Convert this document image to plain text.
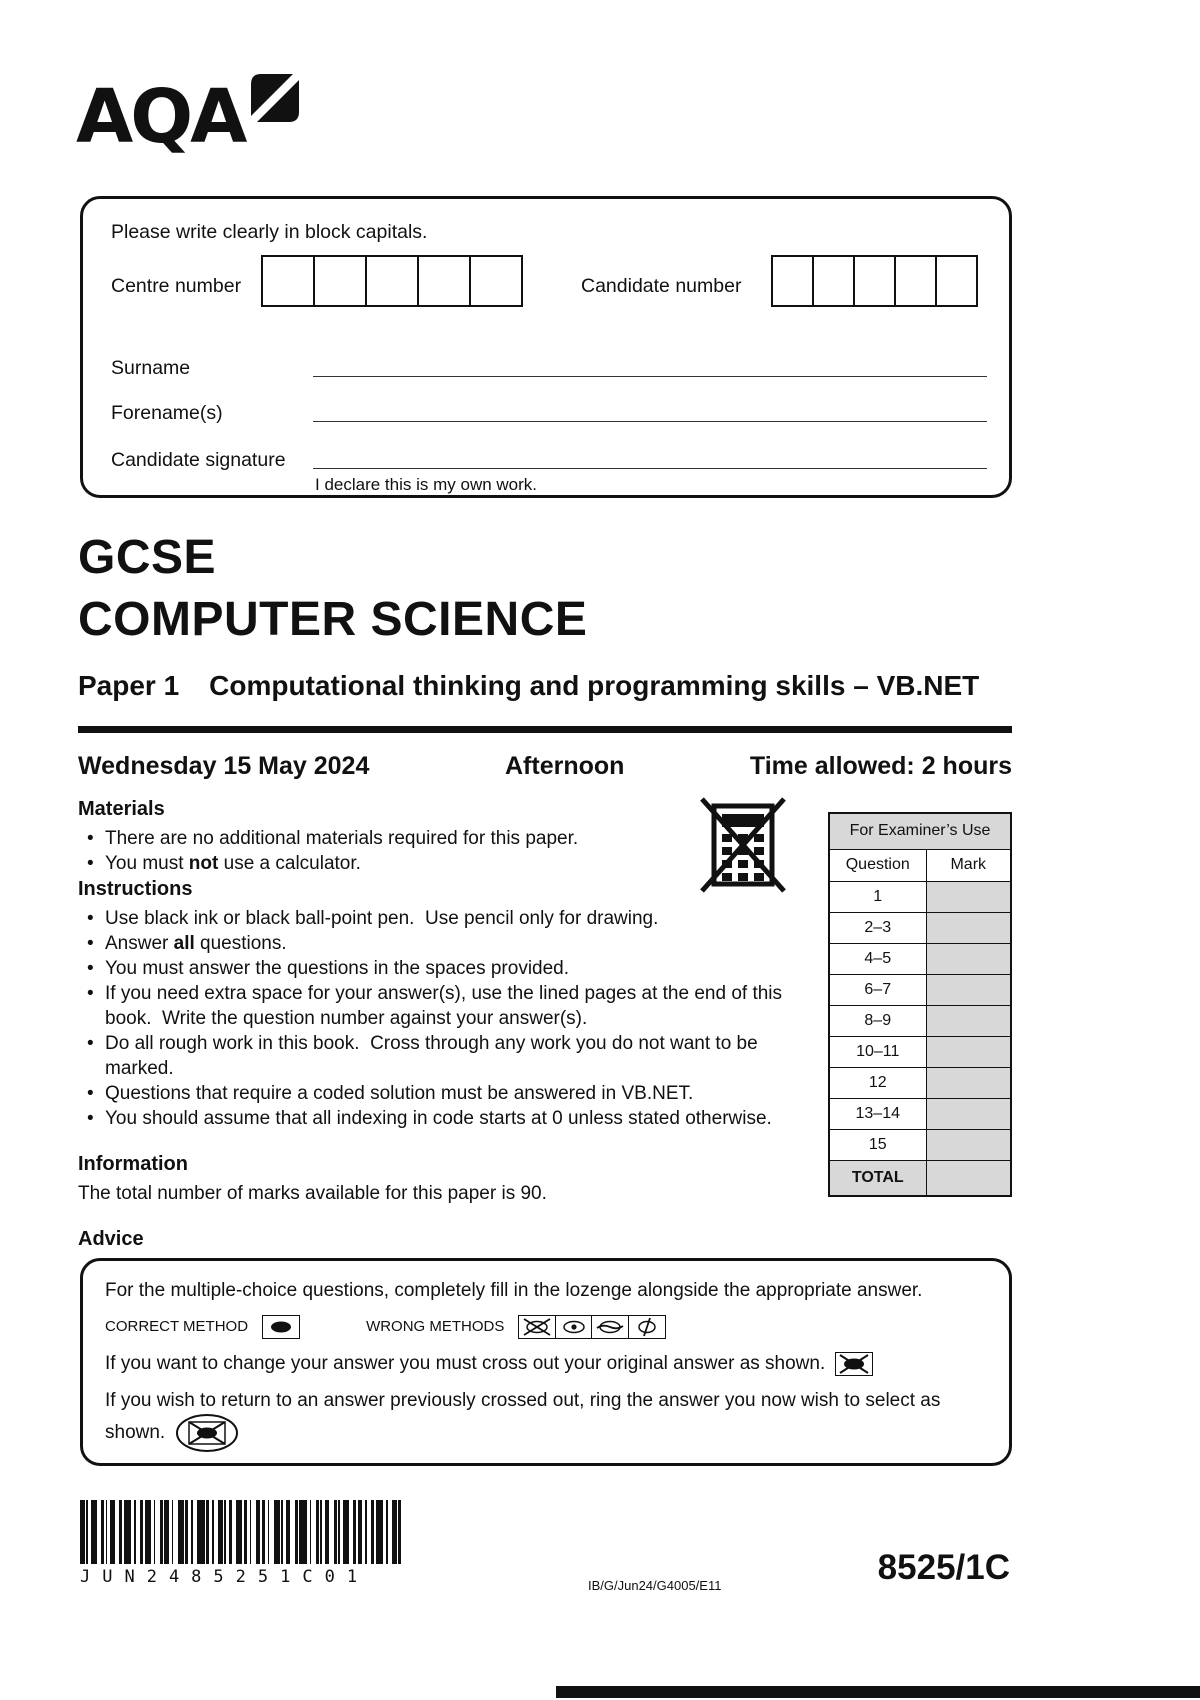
AQA
Please write clearly in block capitals.
Centre number	Candidate number
Surname
Forename(s)
Candidate signature
I declare this is my own work.
GCSE
COMPUTER SCIENCE
Paper 1 Computational thinking and programming skills – VB.NET
Wednesday 15 May 2024	Afternoon	Time allowed: 2 hours
Materials
• There are no additional materials required for this paper.
• You must not use a calculator.
Instructions
• Use black ink or black ball-point pen.  Use pencil only for drawing.
• Answer all questions.
• You must answer the questions in the spaces provided.
• If you need extra space for your answer(s), use the lined pages at the end of this book.  Write the question number against your answer(s).
• Do all rough work in this book.  Cross through any work you do not want to be marked.
• Questions that require a coded solution must be answered in VB.NET.
• You should assume that all indexing in code starts at 0 unless stated otherwise.
For Examiner’s Use	
Question	Mark
1	
2–3	
4–5	
6–7	
8–9	
10–11	
12	
13–14	
15	
TOTAL	
Information

The total number of marks available for this paper is 90.

Advice
For the multiple-choice questions, completely fill in the lozenge alongside the appropriate answer.
CORRECT METHOD	WRONG METHODS
If you want to change your answer you must cross out your original answer as shown.
If you wish to return to an answer previously crossed out, ring the answer you now wish to select as shown.
JUN2485251C01	IB/G/Jun24/G4005/E11	8525/1C
